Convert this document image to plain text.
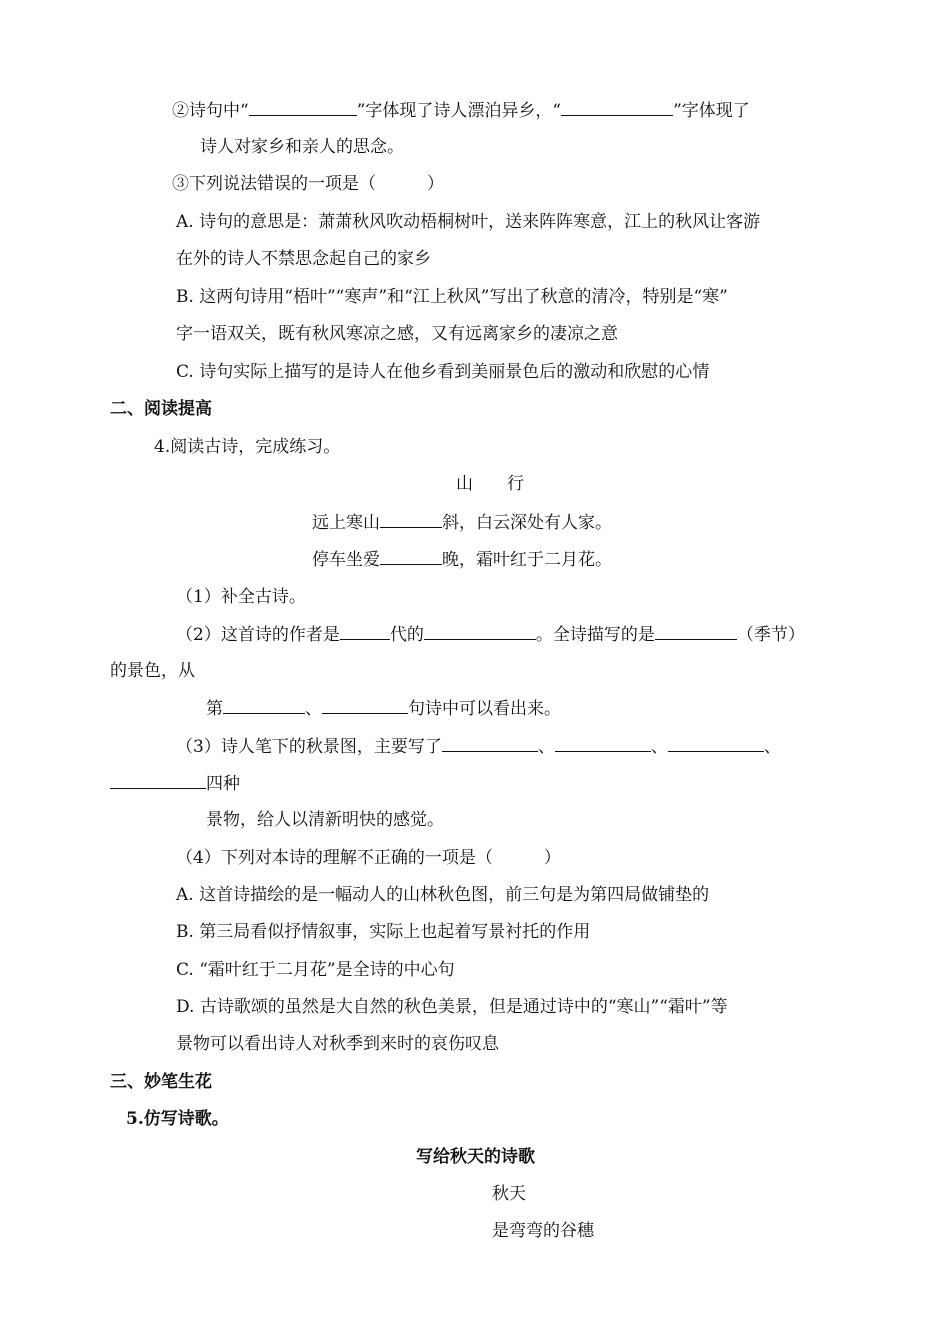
②诗句中“	”字体现了诗人漂泊异乡，“	”字体现了
诗人对家乡和亲人的思念。
③下列说法错误的一项是（　　　）
A. 诗句的意思是：萧萧秋风吹动梧桐树叶，送来阵阵寒意，江上的秋风让客游
在外的诗人不禁思念起自己的家乡
B. 这两句诗用“梧叶”“寒声”和“江上秋风”写出了秋意的清冷，特别是“寒”
字一语双关，既有秋风寒凉之感，又有远离家乡的凄凉之意
C. 诗句实际上描写的是诗人在他乡看到美丽景色后的激动和欣慰的心情
二、阅读提高
4.阅读古诗，完成练习。
山　　行
远上寒山	斜，白云深处有人家。
停车坐爱	晚，霜叶红于二月花。
（1）补全古诗。
（2）这首诗的作者是	代的	。全诗描写的是	（季节）
的景色，从
第	、	句诗中可以看出来。
（3）诗人笔下的秋景图，主要写了	、	、	、
四种
景物，给人以清新明快的感觉。
（4）下列对本诗的理解不正确的一项是（　　　）
A. 这首诗描绘的是一幅动人的山林秋色图，前三句是为第四局做铺垫的
B. 第三局看似抒情叙事，实际上也起着写景衬托的作用
C. “霜叶红于二月花”是全诗的中心句
D. 古诗歌颂的虽然是大自然的秋色美景，但是通过诗中的“寒山”“霜叶”等
景物可以看出诗人对秋季到来时的哀伤叹息
三、妙笔生花
5.仿写诗歌。
写给秋天的诗歌
秋天
是弯弯的谷穗
